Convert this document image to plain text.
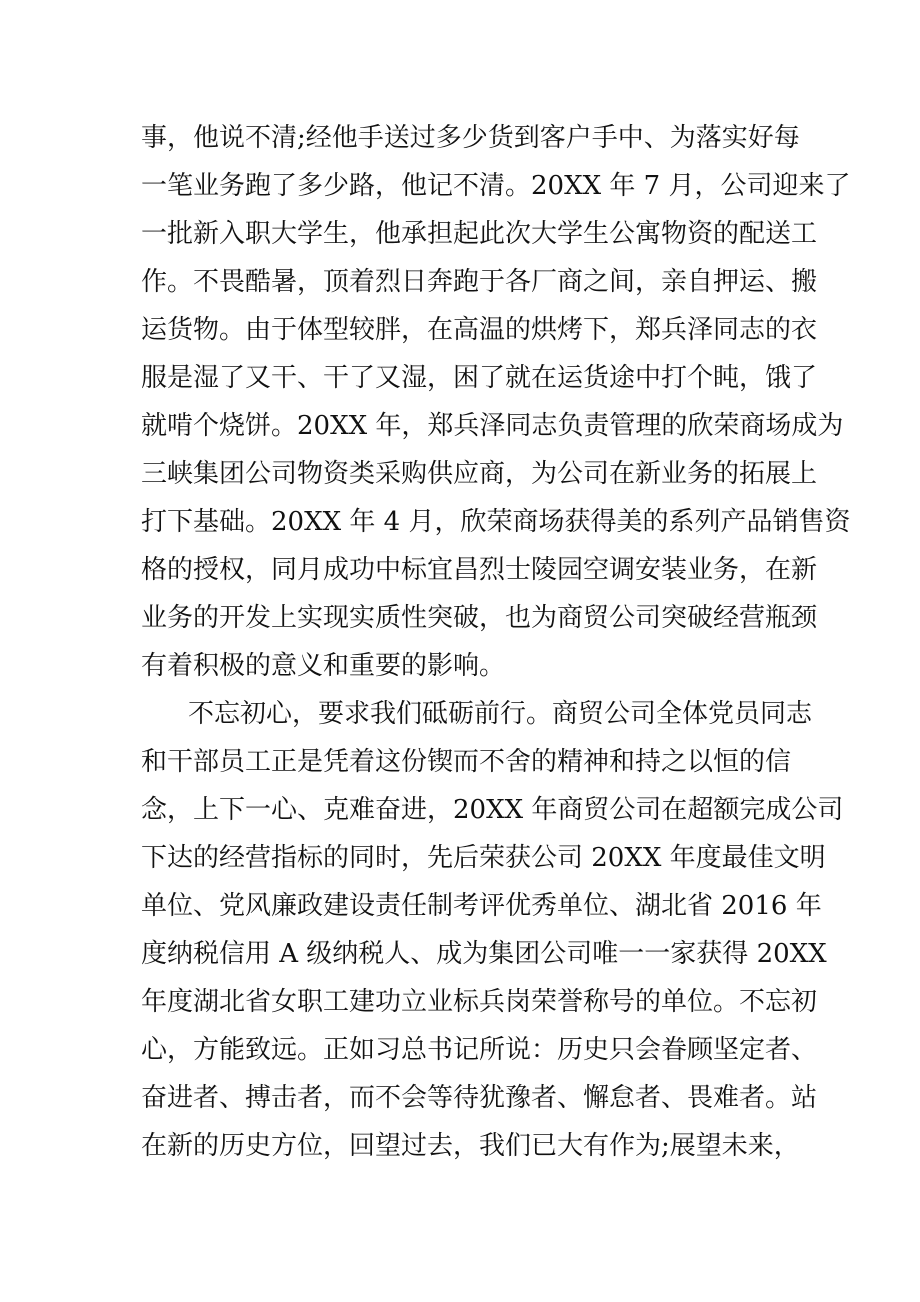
事，他说不清;经他手送过多少货到客户手中、为落实好每
一笔业务跑了多少路，他记不清。20XX 年 7 月，公司迎来了
一批新入职大学生，他承担起此次大学生公寓物资的配送工
作。不畏酷暑，顶着烈日奔跑于各厂商之间，亲自押运、搬
运货物。由于体型较胖，在高温的烘烤下，郑兵泽同志的衣
服是湿了又干、干了又湿，困了就在运货途中打个盹，饿了
就啃个烧饼。20XX 年，郑兵泽同志负责管理的欣荣商场成为
三峡集团公司物资类采购供应商，为公司在新业务的拓展上
打下基础。20XX 年 4 月，欣荣商场获得美的系列产品销售资
格的授权，同月成功中标宜昌烈士陵园空调安装业务，在新
业务的开发上实现实质性突破，也为商贸公司突破经营瓶颈
有着积极的意义和重要的影响。
不忘初心，要求我们砥砺前行。商贸公司全体党员同志
和干部员工正是凭着这份锲而不舍的精神和持之以恒的信
念，上下一心、克难奋进，20XX 年商贸公司在超额完成公司
下达的经营指标的同时，先后荣获公司 20XX 年度最佳文明
单位、党风廉政建设责任制考评优秀单位、湖北省 2016 年
度纳税信用 A 级纳税人、成为集团公司唯一一家获得 20XX
年度湖北省女职工建功立业标兵岗荣誉称号的单位。不忘初
心，方能致远。正如习总书记所说：历史只会眷顾坚定者、
奋进者、搏击者，而不会等待犹豫者、懈怠者、畏难者。站
在新的历史方位，回望过去，我们已大有作为;展望未来，
